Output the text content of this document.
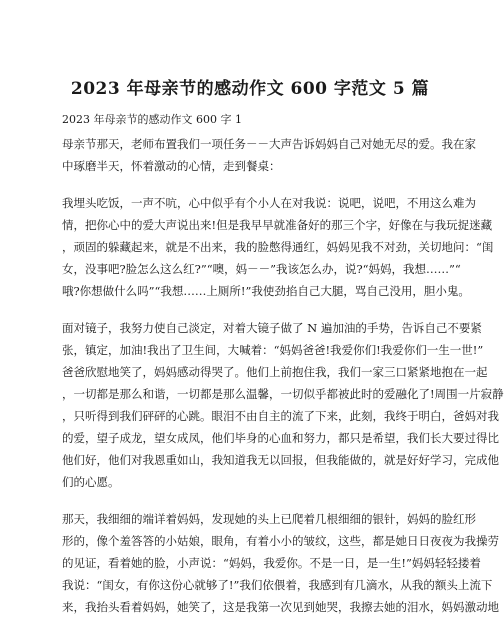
2023 年母亲节的感动作文 600 字范文 5 篇
2023 年母亲节的感动作文 600 字 1
母亲节那天，老师布置我们一项任务－－大声告诉妈妈自己对她无尽的爱。我在家
中琢磨半天，怀着激动的心情，走到餐桌：
我埋头吃饭，一声不吭，心中似乎有个小人在对我说：说吧，说吧，不用这么难为
情，把你心中的爱大声说出来!但是我早早就准备好的那三个字，好像在与我玩捉迷藏
，顽固的躲藏起来，就是不出来，我的脸憋得通红，妈妈见我不对劲，关切地问：“闺
女，没事吧?脸怎么这么红?”“噢，妈－－”我该怎么办，说?“妈妈，我想……”“
哦?你想做什么吗”“我想……上厕所!”我使劲掐自己大腿，骂自己没用，胆小鬼。
面对镜子，我努力使自己淡定，对着大镜子做了 N 遍加油的手势，告诉自己不要紧
张，镇定，加油!我出了卫生间，大喊着：“妈妈爸爸!我爱你们!我爱你们一生一世!”
爸爸欣慰地笑了，妈妈感动得哭了。他们上前抱住我，我们一家三口紧紧地抱在一起
，一切都是那么和谐，一切都是那么温馨，一切似乎都被此时的爱融化了!周围一片寂静
，只听得到我们砰砰的心跳。眼泪不由自主的流了下来，此刻，我终于明白，爸妈对我
的爱，望子成龙，望女成凤，他们毕身的心血和努力，都只是希望，我们长大要过得比
他们好，他们对我恩重如山，我知道我无以回报，但我能做的，就是好好学习，完成他
们的心愿。
那天，我细细的端详着妈妈，发现她的头上已爬着几根细细的银针，妈妈的脸红形
形的，像个羞答答的小姑娘，眼角，有着小小的皱纹，这些，都是她日日夜夜为我操劳
的见证，看着她的脸，小声说：“妈妈，我爱你。不是一日，是一生!”妈妈轻轻搂着
我说：“闺女，有你这份心就够了!”我们依偎着，我感到有几滴水，从我的额头上流下
来，我抬头看着妈妈，她笑了，这是我第一次见到她哭，我擦去她的泪水，妈妈激动地
